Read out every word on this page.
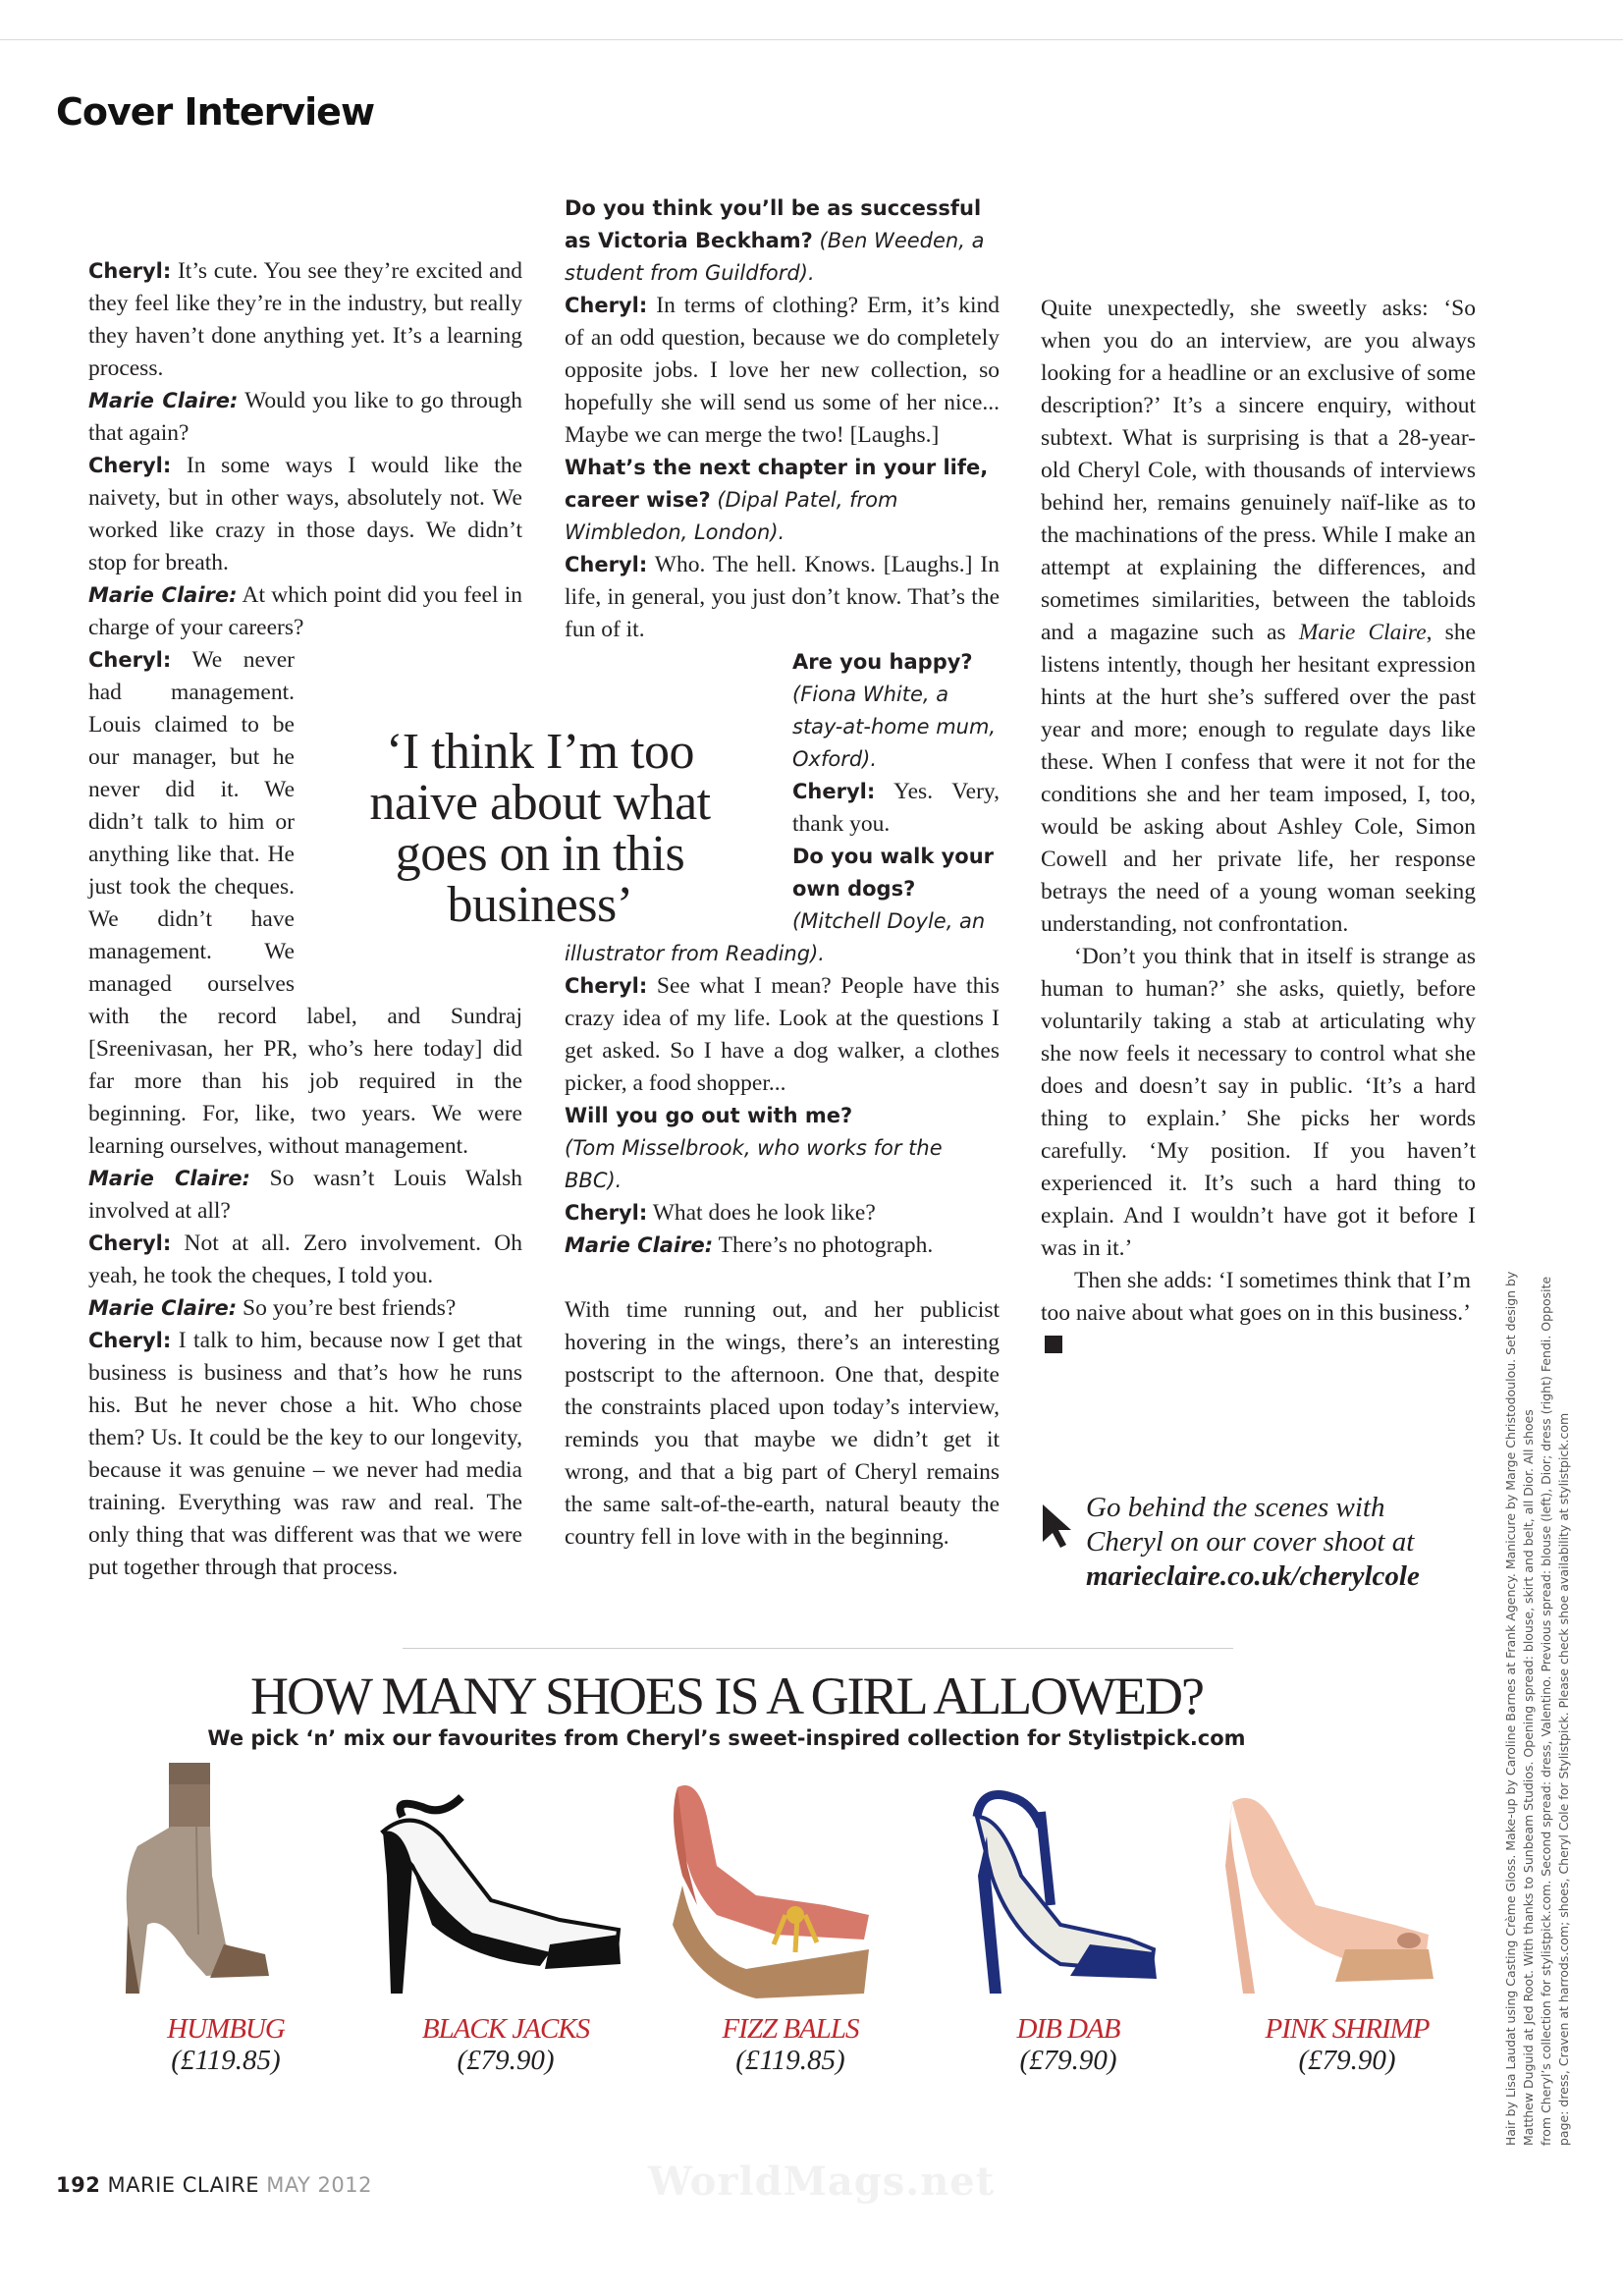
Cover Interview

Cheryl: It’s cute. You see they’re excited and they feel like they’re in the industry, but really they haven’t done anything yet. It’s a learning process.

Marie Claire: Would you like to go through that again?

Cheryl: In some ways I would like the naivety, but in other ways, absolutely not. We worked like crazy in those days. We didn’t stop for breath.

Marie Claire: At which point did you feel in charge of your careers?

Cheryl: We never had management. Louis claimed to be our manager, but he never did it. We didn’t talk to him or anything like that. He just took the cheques. We didn’t have management. We managed ourselves with the record label, and Sundraj [Sreenivasan, her PR, who’s here today] did far more than his job required in the beginning. For, like, two years. We were learning ourselves, without management.

Marie Claire: So wasn’t Louis Walsh involved at all?

Cheryl: Not at all. Zero involvement. Oh yeah, he took the cheques, I told you.

Marie Claire: So you’re best friends?

Cheryl: I talk to him, because now I get that business is business and that’s how he runs his. But he never chose a hit. Who chose them? Us. It could be the key to our longevity, because it was genuine – we never had media training. Everything was raw and real. The only thing that was different was that we were put together through that process.

‘I think I’m too naive about what goes on in this business’

Do you think you’ll be as successful as Victoria Beckham? (Ben Weeden, a student from Guildford).

Cheryl: In terms of clothing? Erm, it’s kind of an odd question, because we do completely opposite jobs. I love her new collection, so hopefully she will send us some of her nice... Maybe we can merge the two! [Laughs.]

What’s the next chapter in your life, career wise? (Dipal Patel, from Wimbledon, London).

Cheryl: Who. The hell. Knows. [Laughs.] In life, in general, you just don’t know. That’s the fun of it.

Are you happy? (Fiona White, a stay-at-home mum, Oxford).

Cheryl: Yes. Very, thank you.

Do you walk your own dogs? (Mitchell Doyle, an illustrator from Reading).

Cheryl: See what I mean? People have this crazy idea of my life. Look at the questions I get asked. So I have a dog walker, a clothes picker, a food shopper...

Will you go out with me?
(Tom Misselbrook, who works for the BBC).

Cheryl: What does he look like?

Marie Claire: There’s no photograph.

With time running out, and her publicist hovering in the wings, there’s an interesting postscript to the afternoon. One that, despite the constraints placed upon today’s interview, reminds you that maybe we didn’t get it wrong, and that a big part of Cheryl remains the same salt-of-the-earth, natural beauty the country fell in love with in the beginning.

Quite unexpectedly, she sweetly asks: ‘So when you do an interview, are you always looking for a headline or an exclusive of some description?’ It’s a sincere enquiry, without subtext. What is surprising is that a 28-year-old Cheryl Cole, with thousands of interviews behind her, remains genuinely naïf-like as to the machinations of the press. While I make an attempt at explaining the differences, and sometimes similarities, between the tabloids and a magazine such as Marie Claire, she listens intently, though her hesitant expression hints at the hurt she’s suffered over the past year and more; enough to regulate days like these. When I confess that were it not for the conditions she and her team imposed, I, too, would be asking about Ashley Cole, Simon Cowell and her private life, her response betrays the need of a young woman seeking understanding, not confrontation.

‘Don’t you think that in itself is strange as human to human?’ she asks, quietly, before voluntarily taking a stab at articulating why she now feels it necessary to control what she does and doesn’t say in public. ‘It’s a hard thing to explain.’ She picks her words carefully. ‘My position. If you haven’t experienced it. It’s such a hard thing to explain. And I wouldn’t have got it before I was in it.’

Then she adds: ‘I sometimes think that I’m too naive about what goes on in this business.’

Go behind the scenes with
Cheryl on our cover shoot at
marieclaire.co.uk/cherylcole
HOW MANY SHOES IS A GIRL ALLOWED?
We pick ‘n’ mix our favourites from Cheryl’s sweet-inspired collection for Stylistpick.com
HUMBUG
(£119.85)
BLACK JACKS
(£79.90)
FIZZ BALLS
(£119.85)
DIB DAB
(£79.90)
PINK SHRIMP
(£79.90)
WorldMags.net
192 MARIE CLAIRE MAY 2012
Hair by Lisa Laudat using Casting Crème Gloss. Make-up by Caroline Barnes at Frank Agency. Manicure by Marge Christodoulou. Set design by Matthew Duguid at Jed Root. With thanks to Sunbeam Studios. Opening spread: blouse, skirt and belt, all Dior. All shoes from Cheryl’s collection for stylistpick.com. Second spread: dress, Valentino. Previous spread: blouse (left), Dior; dress (right) Fendi. Opposite page: dress, Craven at harrods.com; shoes, Cheryl Cole for Stylistpick. Please check shoe availability at stylistpick.com
